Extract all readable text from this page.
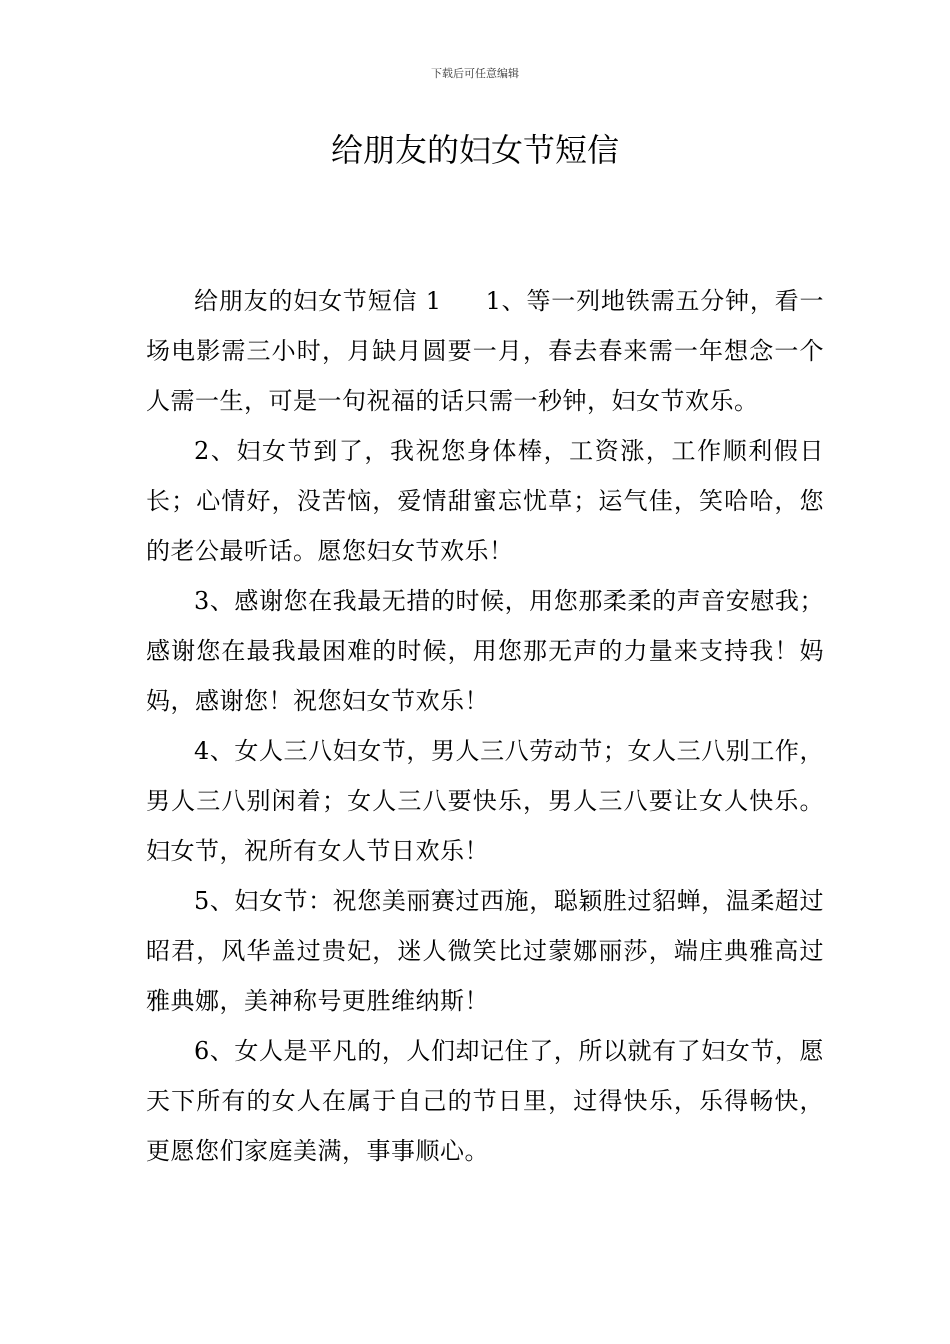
下载后可任意编辑
给朋友的妇女节短信

给朋友的妇女节短信 1 1、等一列地铁需五分钟，看一场电影需三小时，月缺月圆要一月，春去春来需一年想念一个人需一生，可是一句祝福的话只需一秒钟，妇女节欢乐。

2、妇女节到了，我祝您身体棒，工资涨，工作顺利假日长；心情好，没苦恼，爱情甜蜜忘忧草；运气佳，笑哈哈，您的老公最听话。愿您妇女节欢乐！

3、感谢您在我最无措的时候，用您那柔柔的声音安慰我；感谢您在最我最困难的时候，用您那无声的力量来支持我！妈妈，感谢您！祝您妇女节欢乐！

4、女人三八妇女节，男人三八劳动节；女人三八别工作，男人三八别闲着；女人三八要快乐，男人三八要让女人快乐。妇女节，祝所有女人节日欢乐！

5、妇女节：祝您美丽赛过西施，聪颖胜过貂蝉，温柔超过昭君，风华盖过贵妃，迷人微笑比过蒙娜丽莎，端庄典雅高过雅典娜，美神称号更胜维纳斯！

6、女人是平凡的，人们却记住了，所以就有了妇女节，愿天下所有的女人在属于自己的节日里，过得快乐，乐得畅快，更愿您们家庭美满，事事顺心。
